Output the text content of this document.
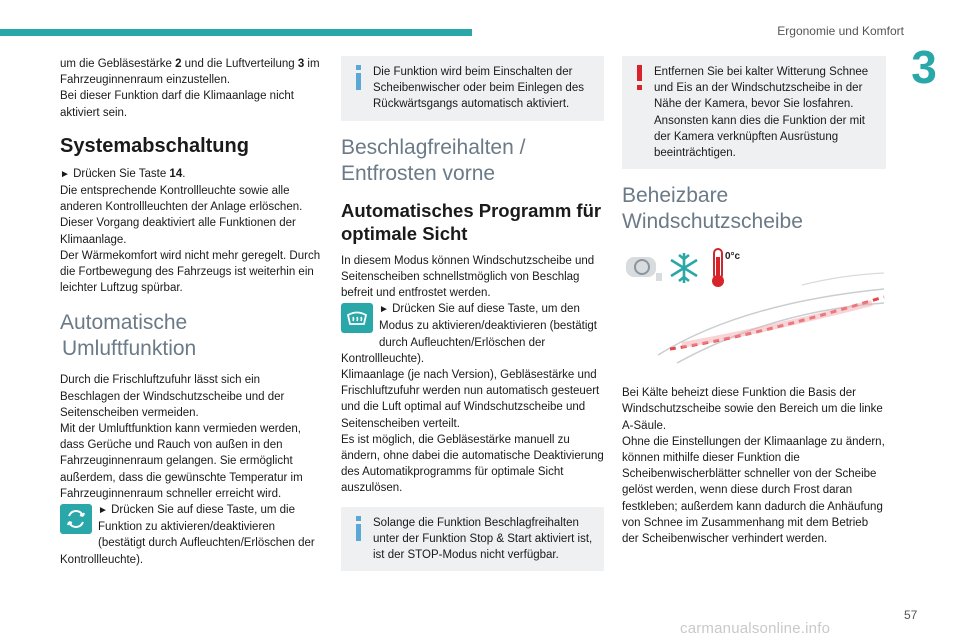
Ergonomie und Komfort
3

um die Gebläsestärke 2 und die Luftverteilung 3 im Fahrzeuginnenraum einzustellen.

Bei dieser Funktion darf die Klimaanlage nicht aktiviert sein.

Systemabschaltung

► Drücken Sie Taste 14.

Die entsprechende Kontrollleuchte sowie alle anderen Kontrollleuchten der Anlage erlöschen.

Dieser Vorgang deaktiviert alle Funktionen der Klimaanlage.

Der Wärmekomfort wird nicht mehr geregelt. Durch die Fortbewegung des Fahrzeugs ist weiterhin ein leichter Luftzug spürbar.

Automatische
Umluftfunktion

Durch die Frischluftzufuhr lässt sich ein Beschlagen der Windschutzscheibe und der Seitenscheiben vermeiden.

Mit der Umluftfunktion kann vermieden werden, dass Gerüche und Rauch von außen in den Fahrzeuginnenraum gelangen. Sie ermöglicht außerdem, dass die gewünschte Temperatur im Fahrzeuginnenraum schneller erreicht wird.

► Drücken Sie auf diese Taste, um die Funktion zu aktivieren/deaktivieren (bestätigt durch Aufleuchten/Erlöschen der Kontrollleuchte).
Die Funktion wird beim Einschalten der Scheibenwischer oder beim Einlegen des Rückwärtsgangs automatisch aktiviert.
Beschlagfreihalten /
Entfrosten vorne
Automatisches Programm für optimale Sicht

In diesem Modus können Windschutzscheibe und Seitenscheiben schnellstmöglich von Beschlag befreit und entfrostet werden.

► Drücken Sie auf diese Taste, um den Modus zu aktivieren/deaktivieren (bestätigt durch Aufleuchten/Erlöschen der Kontrollleuchte).

Klimaanlage (je nach Version), Gebläsestärke und Frischluftzufuhr werden nun automatisch gesteuert und die Luft optimal auf Windschutzscheibe und Seitenscheiben verteilt.

Es ist möglich, die Gebläsestärke manuell zu ändern, ohne dabei die automatische Deaktivierung des Automatikprogramms für optimale Sicht auszulösen.

Solange die Funktion Beschlagfreihalten unter der Funktion Stop & Start aktiviert ist, ist der STOP-Modus nicht verfügbar.
Entfernen Sie bei kalter Witterung Schnee und Eis an der Windschutzscheibe in der Nähe der Kamera, bevor Sie losfahren. Ansonsten kann dies die Funktion der mit der Kamera verknüpften Ausrüstung beeinträchtigen.
Beheizbare
Windschutzscheibe
0°c

Bei Kälte beheizt diese Funktion die Basis der Windschutzscheibe sowie den Bereich um die linke A-Säule.

Ohne die Einstellungen der Klimaanlage zu ändern, können mithilfe dieser Funktion die Scheibenwischerblätter schneller von der Scheibe gelöst werden, wenn diese durch Frost daran festkleben; außerdem kann dadurch die Anhäufung von Schnee im Zusammenhang mit dem Betrieb der Scheibenwischer verhindert werden.

57
carmanualsonline.info
